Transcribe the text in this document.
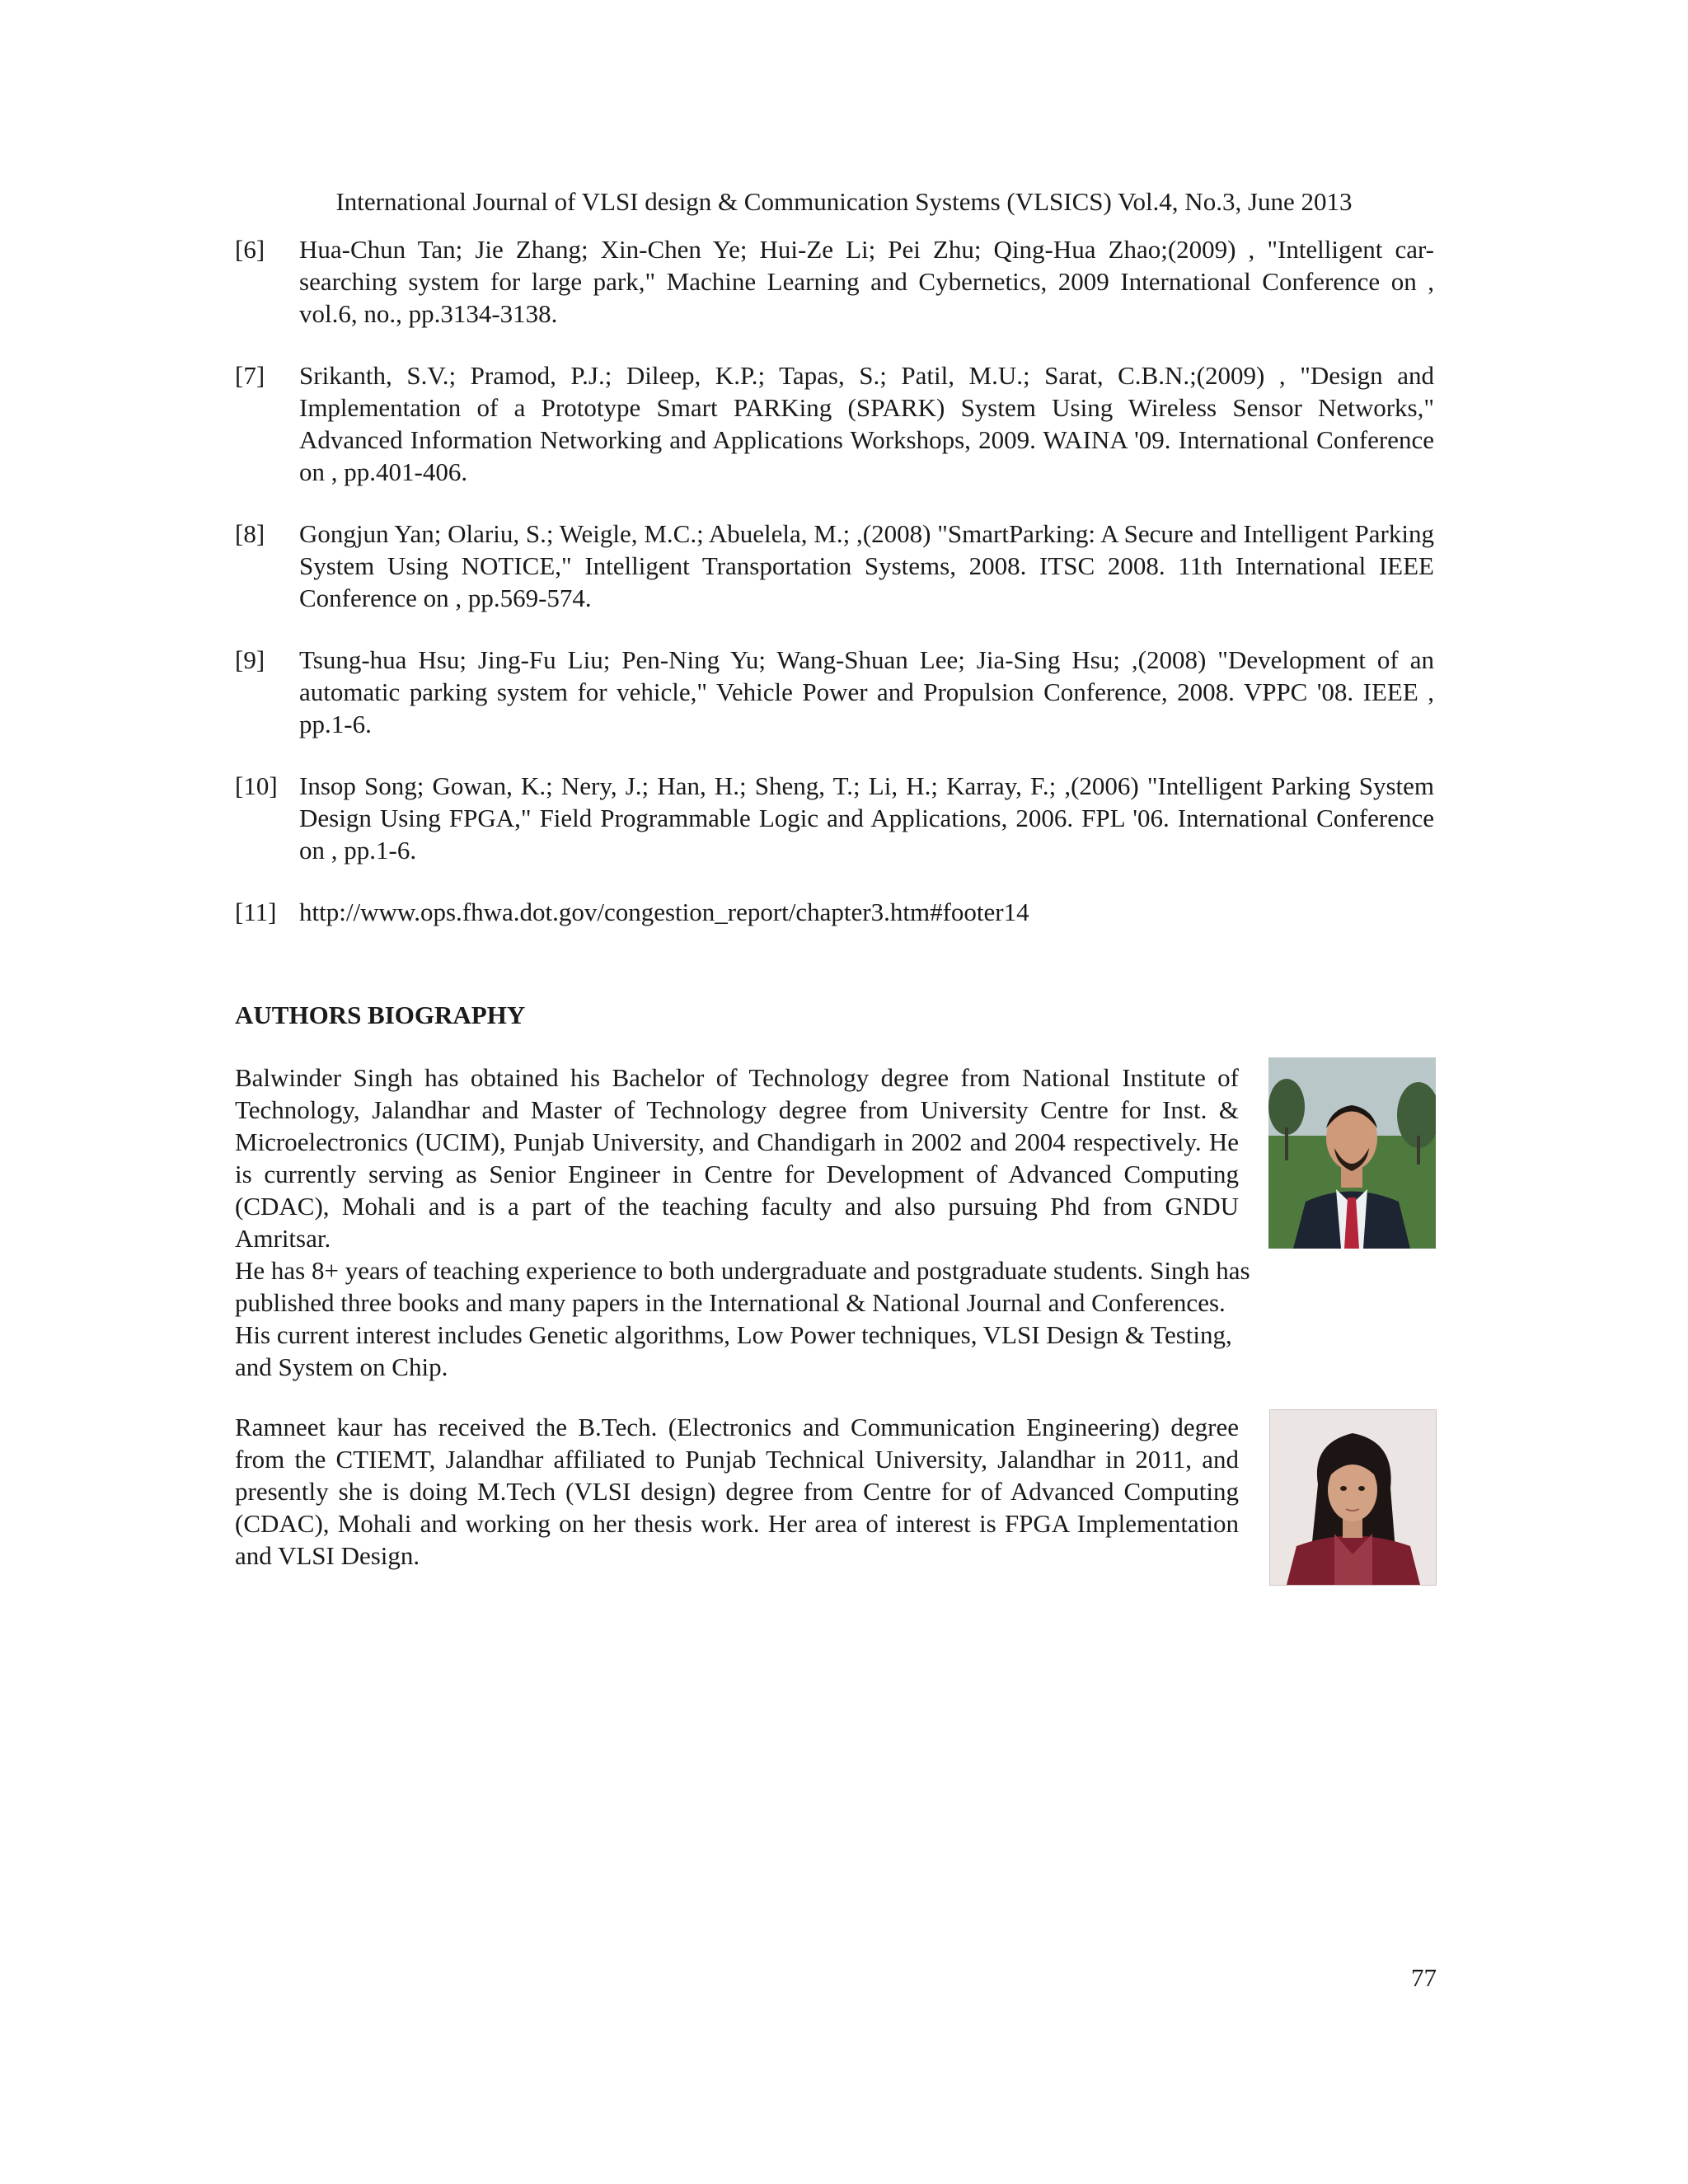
International Journal of VLSI design & Communication Systems (VLSICS) Vol.4, No.3, June 2013
[6] Hua-Chun Tan; Jie Zhang; Xin-Chen Ye; Hui-Ze Li; Pei Zhu; Qing-Hua Zhao;(2009) , "Intelligent car-searching system for large park," Machine Learning and Cybernetics, 2009 International Conference on , vol.6, no., pp.3134-3138.
[7] Srikanth, S.V.; Pramod, P.J.; Dileep, K.P.; Tapas, S.; Patil, M.U.; Sarat, C.B.N.;(2009) , "Design and Implementation of a Prototype Smart PARKing (SPARK) System Using Wireless Sensor Networks," Advanced Information Networking and Applications Workshops, 2009. WAINA '09. International Conference on , pp.401-406.
[8] Gongjun Yan; Olariu, S.; Weigle, M.C.; Abuelela, M.; ,(2008) "SmartParking: A Secure and Intelligent Parking System Using NOTICE," Intelligent Transportation Systems, 2008. ITSC 2008. 11th International IEEE Conference on , pp.569-574.
[9] Tsung-hua Hsu; Jing-Fu Liu; Pen-Ning Yu; Wang-Shuan Lee; Jia-Sing Hsu; ,(2008) "Development of an automatic parking system for vehicle," Vehicle Power and Propulsion Conference, 2008. VPPC '08. IEEE , pp.1-6.
[10] Insop Song; Gowan, K.; Nery, J.; Han, H.; Sheng, T.; Li, H.; Karray, F.; ,(2006) "Intelligent Parking System Design Using FPGA," Field Programmable Logic and Applications, 2006. FPL '06. International Conference on , pp.1-6.
[11] http://www.ops.fhwa.dot.gov/congestion_report/chapter3.htm#footer14
AUTHORS BIOGRAPHY

Balwinder Singh has obtained his Bachelor of Technology degree from National Institute of Technology, Jalandhar and Master of Technology degree from University Centre for Inst. & Microelectronics (UCIM), Punjab University, and Chandigarh in 2002 and 2004 respectively. He is currently serving as Senior Engineer in Centre for Development of Advanced Computing (CDAC), Mohali and is a part of the teaching faculty and also pursuing Phd from GNDU Amritsar.

He has 8+ years of teaching experience to both undergraduate and postgraduate students. Singh has

published three books and many papers in the International & National Journal and Conferences. His current interest includes Genetic algorithms, Low Power techniques, VLSI Design & Testing, and System on Chip.

Ramneet kaur has received the B.Tech. (Electronics and Communication Engineering) degree from the CTIEMT, Jalandhar affiliated to Punjab Technical University, Jalandhar in 2011, and presently she is doing M.Tech (VLSI design) degree from Centre for of Advanced Computing (CDAC), Mohali and working on her thesis work. Her area of interest is FPGA Implementation and VLSI Design.

77
